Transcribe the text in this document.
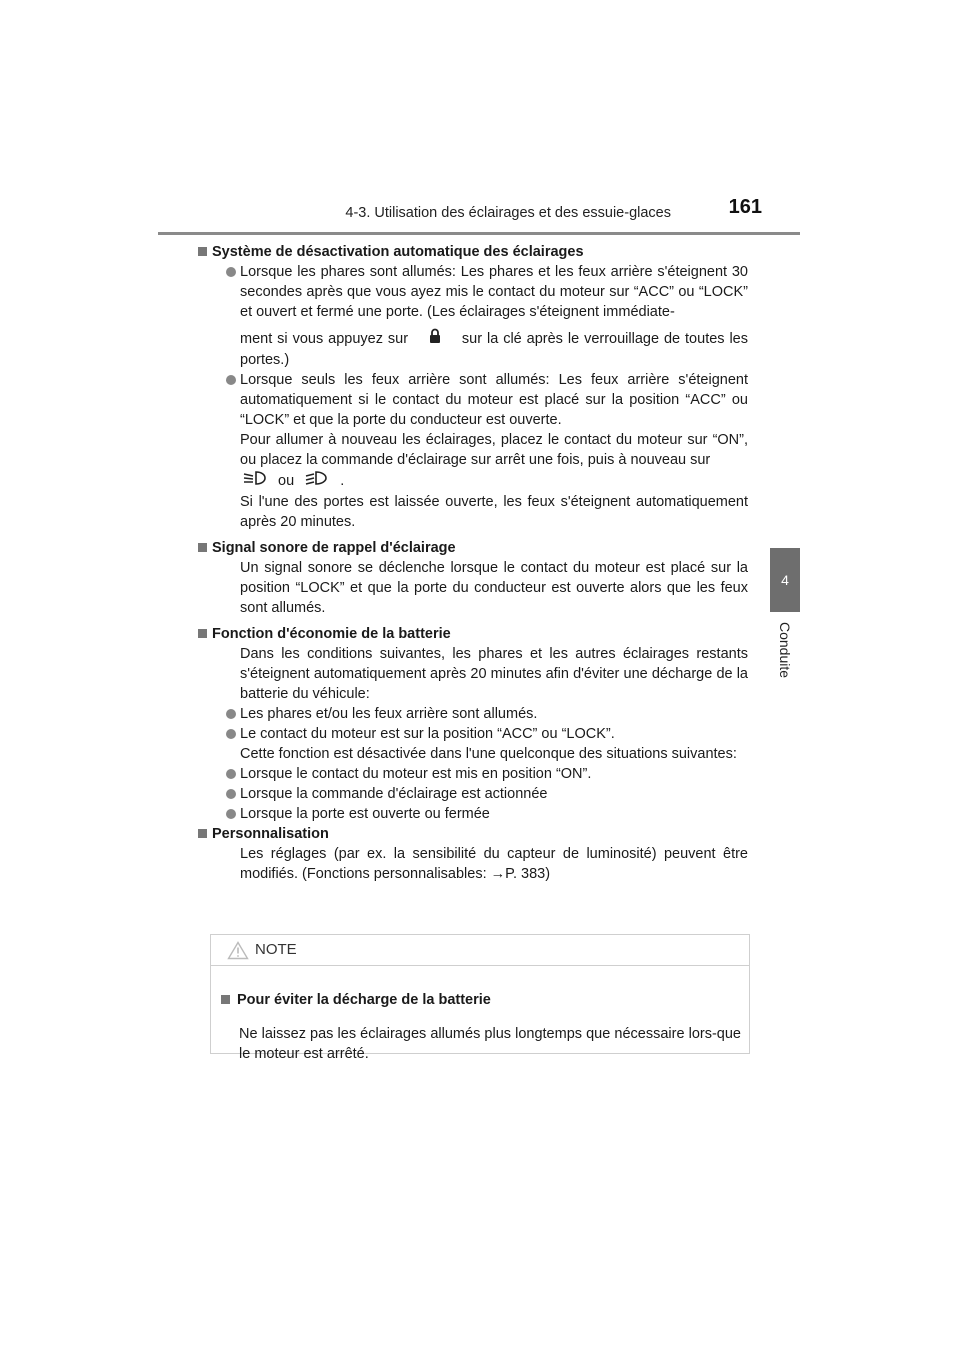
4-3. Utilisation des éclairages et des essuie-glaces	161
4
Conduite

Système de désactivation automatique des éclairages

Lorsque les phares sont allumés: Les phares et les feux arrière s'éteignent 30 secondes après que vous ayez mis le contact du moteur sur “ACC” ou “LOCK” et ouvert et fermé une porte. (Les éclairages s'éteignent immédiate-
ment si vous appuyez sur	sur la clé après le verrouillage de toutes les portes.)

Lorsque seuls les feux arrière sont allumés: Les feux arrière s'éteignent automatiquement si le contact du moteur est placé sur la position “ACC” ou “LOCK” et que la porte du conducteur est ouverte.

Pour allumer à nouveau les éclairages, placez le contact du moteur sur “ON”, ou placez la commande d'éclairage sur arrêt une fois, puis à nouveau sur

ou	.

Si l'une des portes est laissée ouverte, les feux s'éteignent automatiquement après 20 minutes.

Signal sonore de rappel d'éclairage

Un signal sonore se déclenche lorsque le contact du moteur est placé sur la position “LOCK” et que la porte du conducteur est ouverte alors que les feux sont allumés.

Fonction d'économie de la batterie

Dans les conditions suivantes, les phares et les autres éclairages restants s'éteignent automatiquement après 20 minutes afin d'éviter une décharge de la batterie du véhicule:

Les phares et/ou les feux arrière sont allumés.

Le contact du moteur est sur la position “ACC” ou “LOCK”.

Cette fonction est désactivée dans l'une quelconque des situations suivantes:

Lorsque le contact du moteur est mis en position “ON”.

Lorsque la commande d'éclairage est actionnée

Lorsque la porte est ouverte ou fermée

Personnalisation

Les réglages (par ex. la sensibilité du capteur de luminosité) peuvent être modifiés. (Fonctions personnalisables: →P. 383)

NOTE

Pour éviter la décharge de la batterie

Ne laissez pas les éclairages allumés plus longtemps que nécessaire lors-que le moteur est arrêté.
